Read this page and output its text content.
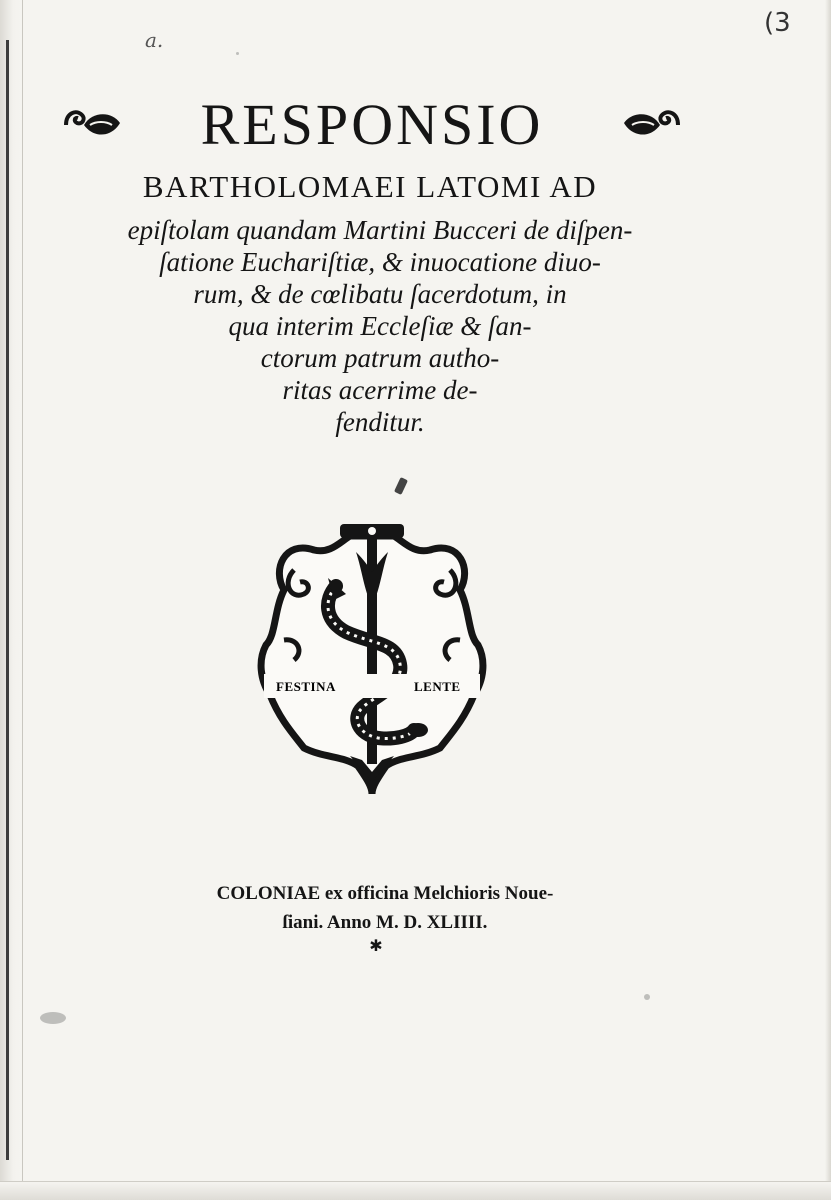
a.
(3
RESPONSIO
BARTHOLOMAEI LATOMI AD
epiſtolam quandam Martini Bucceri de diſpen-
ſatione Euchariſtiæ, & inuocatione diuo-
rum, & de cœlibatu ſacerdotum, in
qua interim Eccleſiæ & ſan-
ctorum patrum autho-
ritas acerrime de-
fenditur.
FESTINA	LENTE
COLONIAE ex officina Melchioris Noue-
ſiani. Anno M. D. XLIIII.
✱
